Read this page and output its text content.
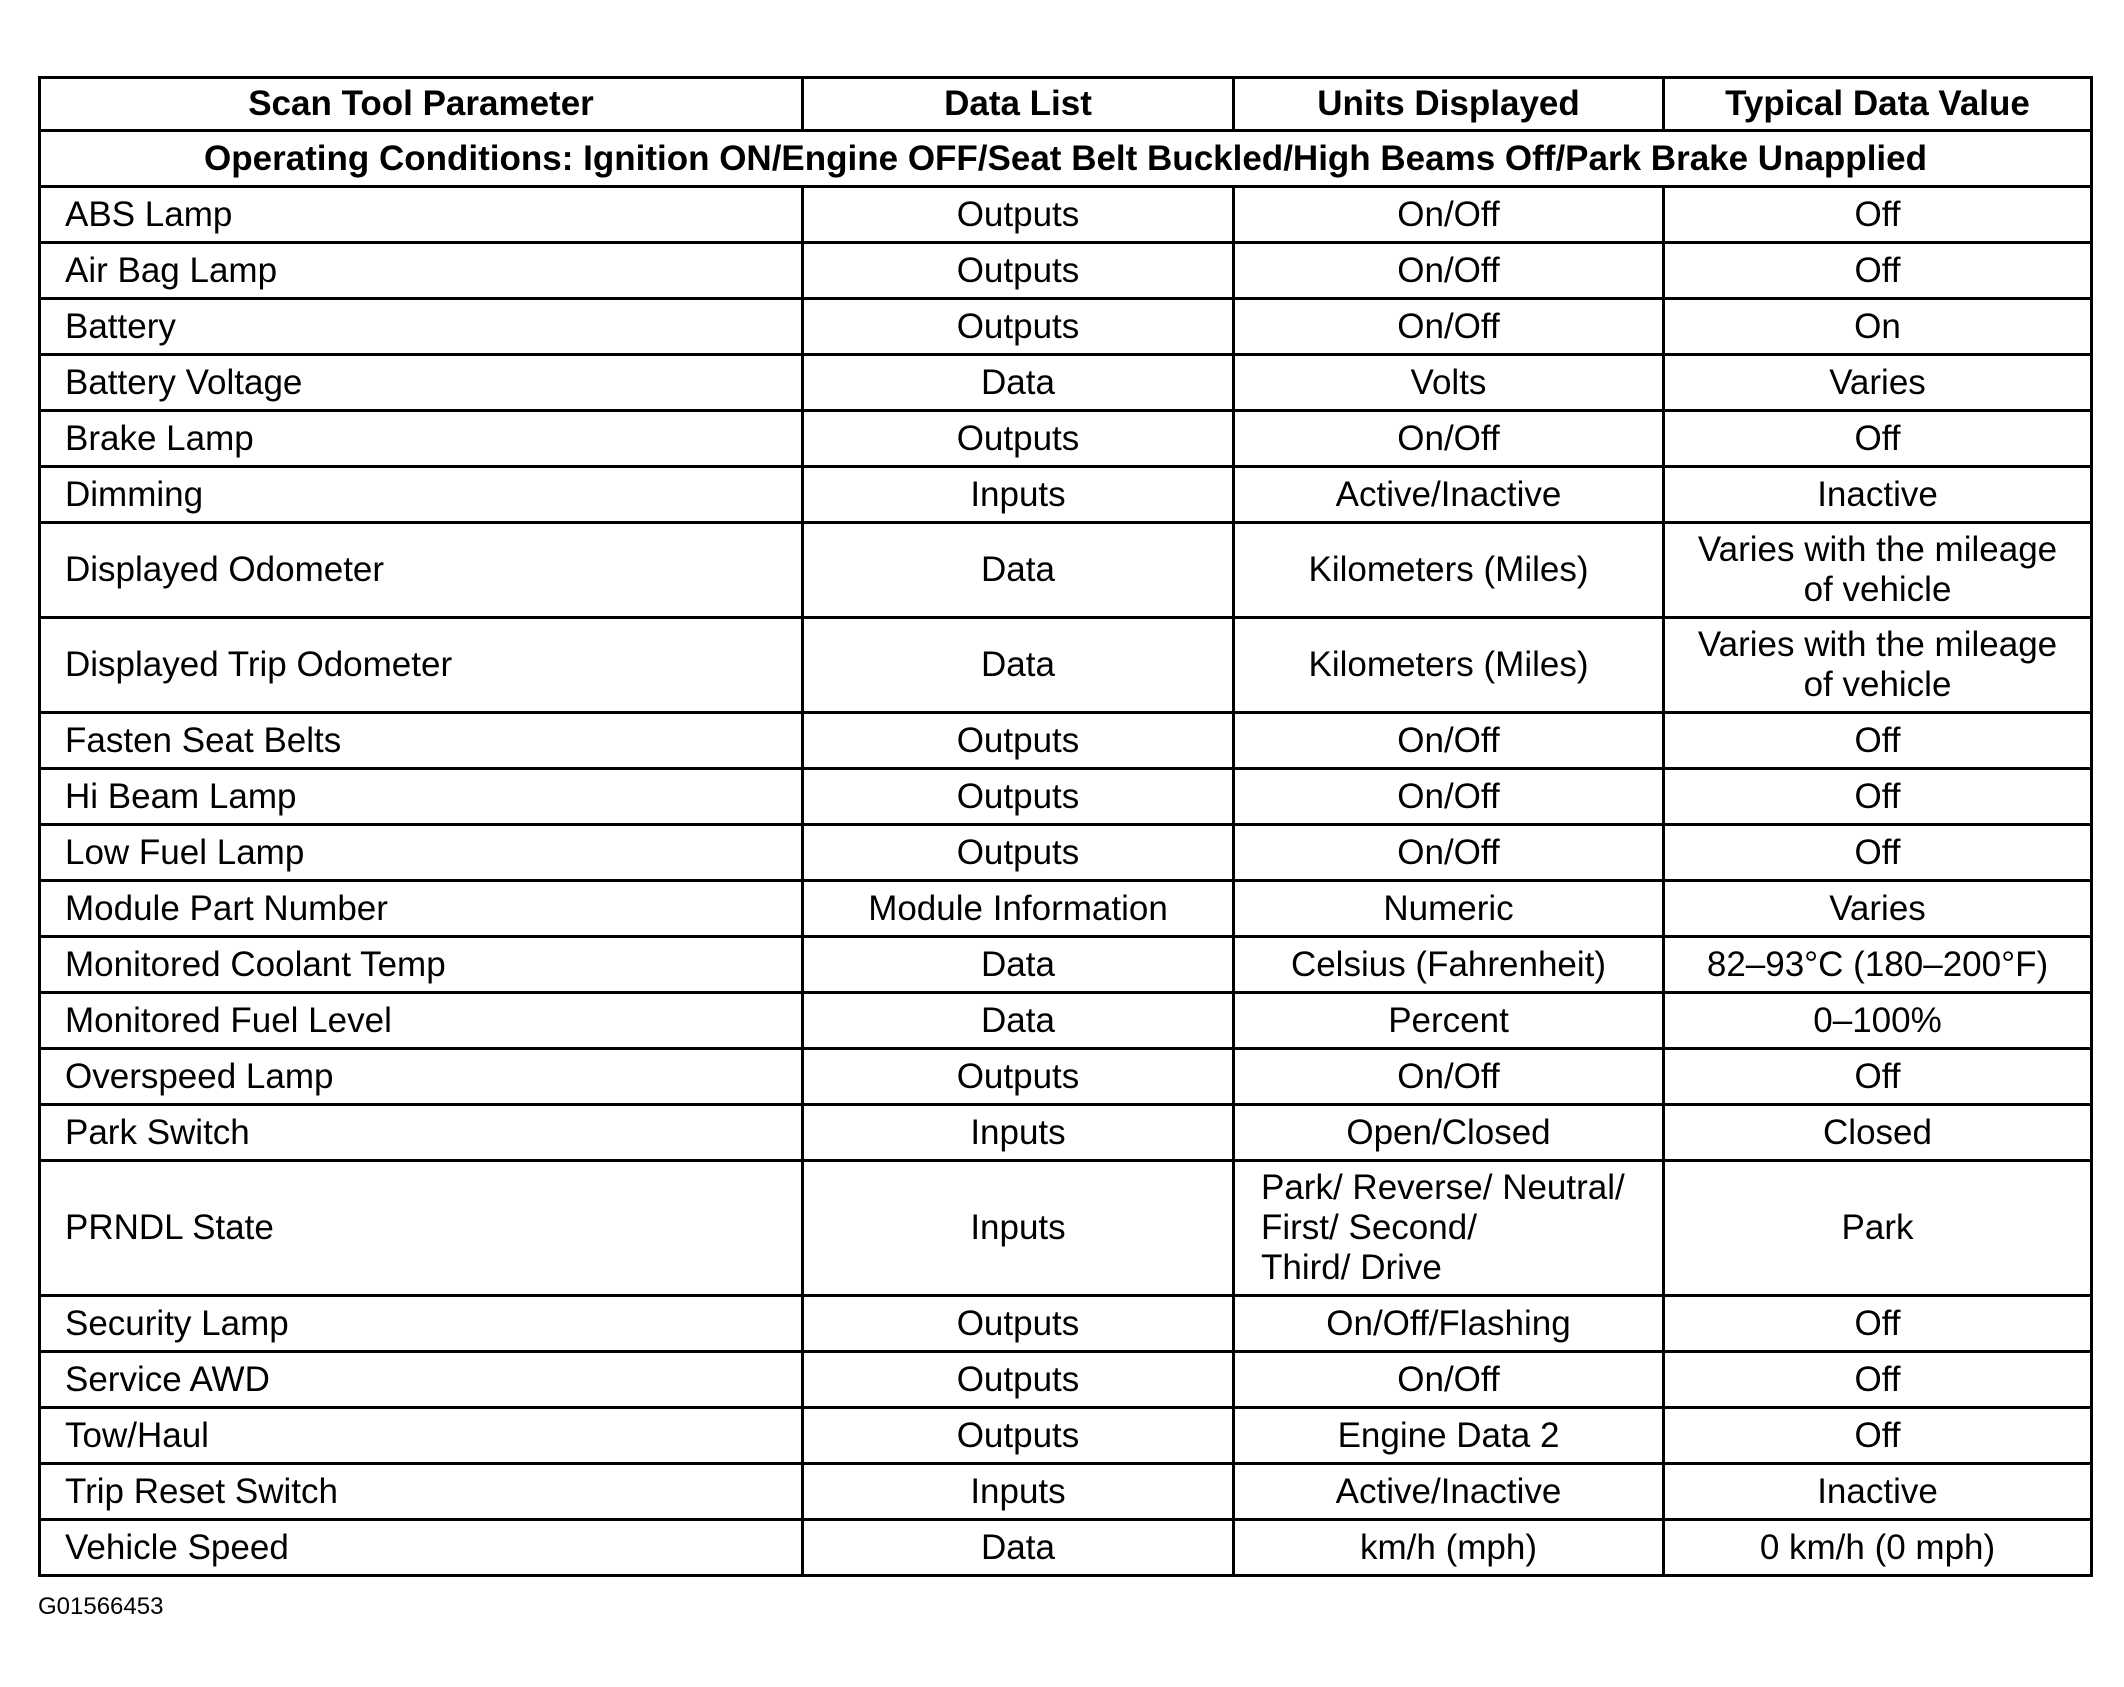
Scan Tool Parameter	Data List	Units Displayed	Typical Data Value
Operating Conditions: Ignition ON/Engine OFF/Seat Belt Buckled/High Beams Off/Park Brake Unapplied			
ABS Lamp	Outputs	On/Off	Off
Air Bag Lamp	Outputs	On/Off	Off
Battery	Outputs	On/Off	On
Battery Voltage	Data	Volts	Varies
Brake Lamp	Outputs	On/Off	Off
Dimming	Inputs	Active/Inactive	Inactive
Displayed Odometer	Data	Kilometers (Miles)	Varies with the mileage
of vehicle
Displayed Trip Odometer	Data	Kilometers (Miles)	Varies with the mileage
of vehicle
Fasten Seat Belts	Outputs	On/Off	Off
Hi Beam Lamp	Outputs	On/Off	Off
Low Fuel Lamp	Outputs	On/Off	Off
Module Part Number	Module Information	Numeric	Varies
Monitored Coolant Temp	Data	Celsius (Fahrenheit)	82–93°C (180–200°F)
Monitored Fuel Level	Data	Percent	0–100%
Overspeed Lamp	Outputs	On/Off	Off
Park Switch	Inputs	Open/Closed	Closed
PRNDL State	Inputs	Park/ Reverse/ Neutral/
First/ Second/
Third/ Drive	Park
Security Lamp	Outputs	On/Off/Flashing	Off
Service AWD	Outputs	On/Off	Off
Tow/Haul	Outputs	Engine Data 2	Off
Trip Reset Switch	Inputs	Active/Inactive	Inactive
Vehicle Speed	Data	km/h (mph)	0 km/h (0 mph)
G01566453
